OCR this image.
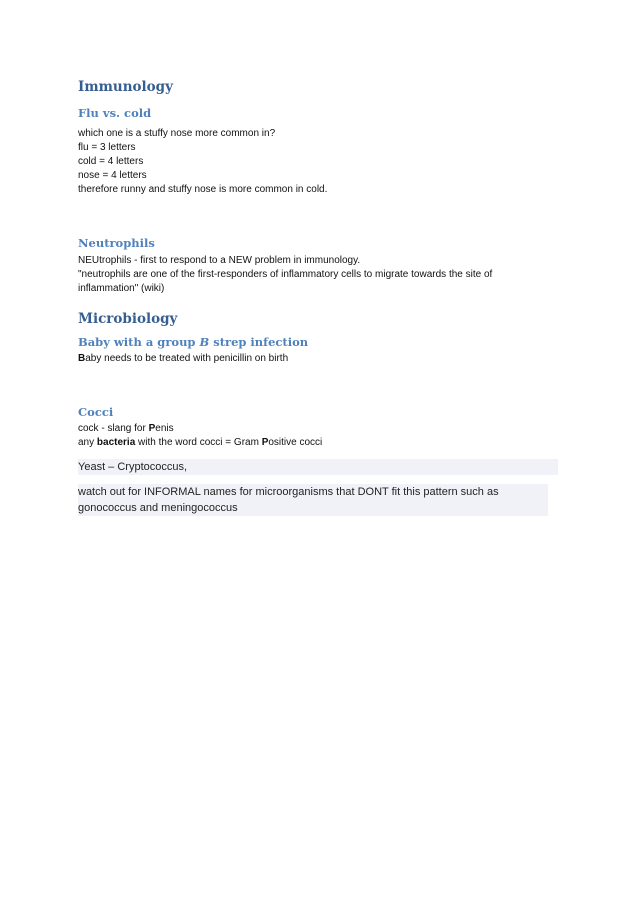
Immunology
Flu vs. cold
which one is a stuffy nose more common in?
flu = 3 letters
cold = 4 letters
nose = 4 letters
therefore runny and stuffy nose is more common in cold.
Neutrophils
NEUtrophils - first to respond to a NEW problem in immunology.
"neutrophils are one of the first-responders of inflammatory cells to migrate towards the site of inflammation" (wiki)
Microbiology
Baby with a group B strep infection
Baby needs to be treated with penicillin on birth
Cocci
cock - slang for Penis
any bacteria with the word cocci = Gram Positive cocci
Yeast – Cryptococcus,
watch out for INFORMAL names for microorganisms that DONT fit this pattern such as gonococcus and meningococcus
